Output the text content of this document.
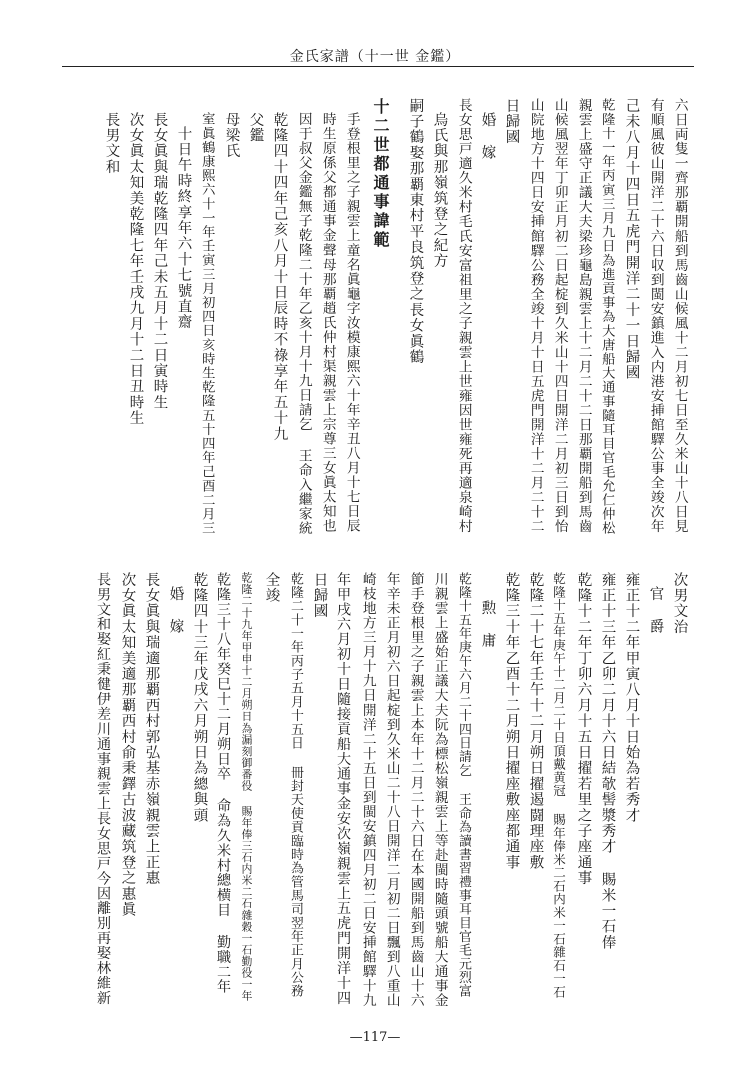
金氏家譜（十一世 金鑑）
六日両隻一齊那覇開船到馬齒山候風十二月初七日至久米山十八日見
有順風彼山開洋二十六日収到閩安鎮進入内港安挿館驛公事全竣次年
己未八月十四日五虎門開洋二十一日歸國
乾隆十一年丙寅三月九日為進貢事為大唐船大通事隨耳目官毛允仁仲松
親雲上盛守正議大夫梁珍龜島親雲上十二月二十二日那覇開船到馬齒
山候風翌年丁卯正月初二日起椗到久米山十四日開洋二月初三日到怡
山院地方十四日安挿館驛公務全竣十月十日五虎門開洋十二月二十二
日歸國
婚 嫁
長女思戸適久米村毛氏安富祖里之子親雲上世雍因世雍死再適泉崎村
烏氏與那嶺筑登之紀方
嗣子鶴娶那覇東村平良筑登之長女眞鶴
十二世都通事諱範
手登根里之子親雲上童名眞龜字汝模康熙六十年辛丑八月十七日辰
時生原係父都通事金聲母那覇趙氏仲村渠親雲上宗尊三女眞太知也
因于叔父金鑑無子乾隆二十年乙亥十月十九日請乞 王命入繼家統
乾隆四十四年己亥八月十日辰時不祿享年五十九
父鑑
母梁氏
室眞鶴康熙六十一年壬寅三月初四日亥時生乾隆五十四年己酉二月三
十日午時終享年六十七號直齋
長女眞與瑞乾隆四年己未五月十二日寅時生
次女眞太知美乾隆七年壬戌九月十二日丑時生
長男文和
次男文治
官 爵
雍正十二年甲寅八月十日始為若秀才
雍正十三年乙卯二月十六日結欹髻漿秀才 賜米一石俸
乾隆十二年丁卯六月十五日擢若里之子座通事
乾隆十五年庚午十二月二十日頂戴黄冠 賜年俸米二石内米一石雜石一石
乾隆二十七年壬午十二月朔日擢遏闘理座敷
乾隆三十年乙酉十二月朔日擢座敷座都通事
勲 庸
乾隆十五年庚午六月二十四日請乞 王命為讀書習禮事耳目官毛元烈富
川親雲上盛始正議大夫阮為標松嶺親雲上等赴閩時隨頭號船大通事金
節手登根里之子親雲上本年十二月二十六日在本國開船到馬齒山十六
年辛未正月初六日起椗到久米山二十八日開洋二月初二日飄到八重山
崎枝地方三月十九日開洋二十五日到閩安鎮四月初二日安挿館驛十九
年甲戌六月初十日隨接貢船大通事金安次嶺親雲上五虎門開洋十四
日歸國
乾隆二十一年丙子五月十五日 冊封天使貢臨時為管馬司翌年正月公務
全竣
乾隆二十九年甲申十二月朔日為漏刻御番役 賜年俸三石内米二石雜穀一石勤役一年
乾隆三十八年癸巳十二月朔日卒 命為久米村總横目 勤職二年
乾隆四十三年戊戌六月朔日為總與頭
婚 嫁
長女眞與瑞適那覇西村郭弘基赤嶺親雲上正惠
次女眞太知美適那覇西村俞秉鐸古波藏筑登之惠眞
長男文和娶紅秉徤伊差川通事親雲上長女思戸今因離別再娶林維新
—117—
